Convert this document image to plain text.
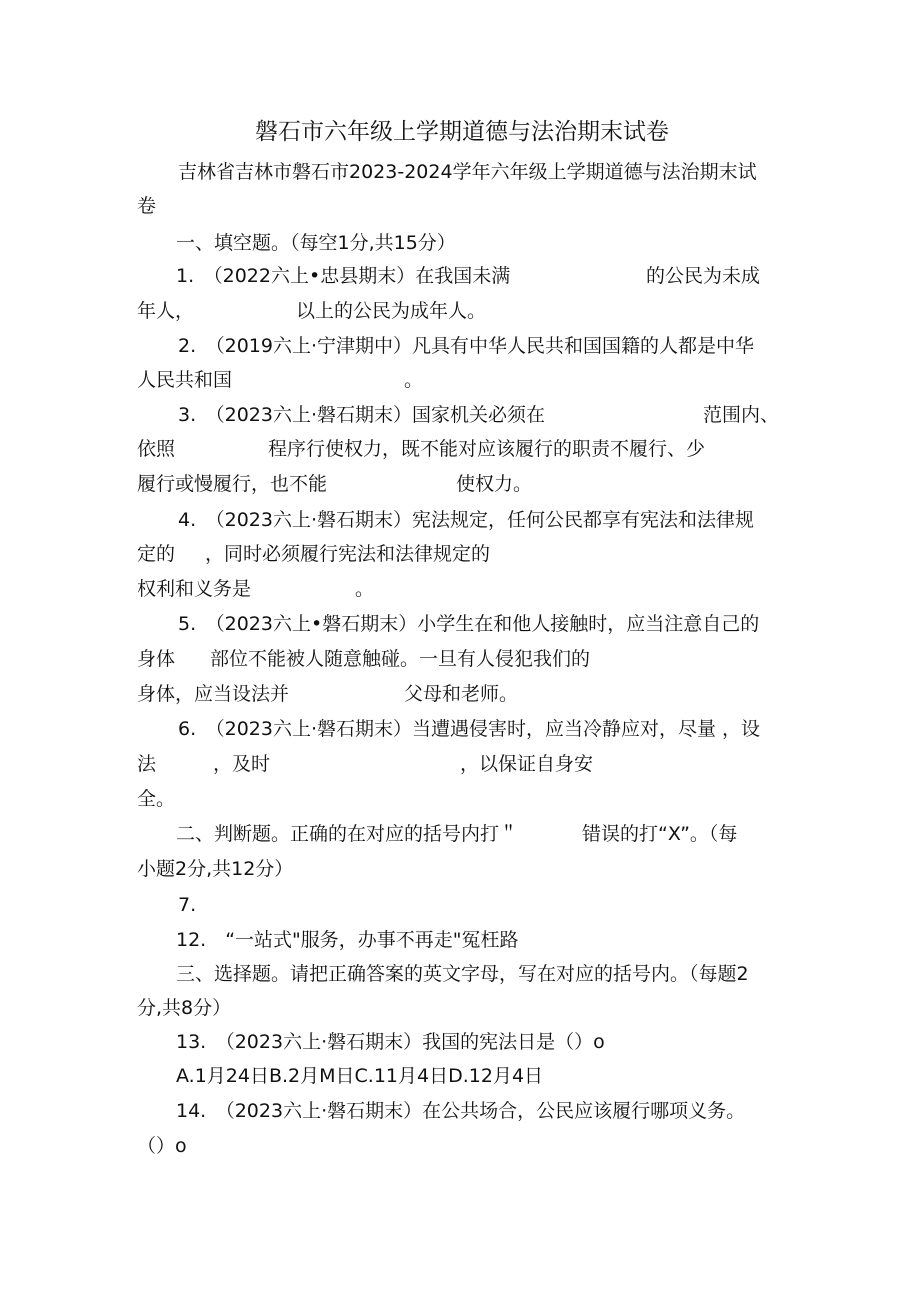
磐石市六年级上学期道德与法治期末试卷
吉林省吉林市磐石市2023-2024学年六年级上学期道德与法治期末试
卷
一、填空题。（每空1分,共15分）
1.　（2022六上•忠县期末）在我国未满	的公民为未成
年人，	以上的公民为成年人。
2.　（2019六上·宁津期中）凡具有中华人民共和国国籍的人都是中华
人民共和国	。
3.　（2023六上·磐石期末）国家机关必须在	范围内、
依照	程序行使权力，既不能对应该履行的职责不履行、少
履行或慢履行，也不能	使权力。
4.　（2023六上·磐石期末）宪法规定，任何公民都享有宪法和法律规
定的 ，同时必须履行宪法和法律规定的
权利和义务是	。
5.　（2023六上•磐石期末）小学生在和他人接触时，应当注意自己的
身体 部位不能被人随意触碰。一旦有人侵犯我们的
身体，应当设法并	父母和老师。
6.　（2023六上·磐石期末）当遭遇侵害时，应当冷静应对，尽量 ，设
法	，及时	，以保证自身安
全。
二、判断题。正确的在对应的括号内打＂	错误的打“X”。（每
小题2分,共12分）
7.
12.　“一站式"服务，办事不再走"冤枉路
三、选择题。请把正确答案的英文字母，写在对应的括号内。（每题2
分,共8分）
13.　（2023六上·磐石期末）我国的宪法日是（）o
A.1月24日B.2月M日C.11月4日D.12月4日
14.　（2023六上·磐石期末）在公共场合，公民应该履行哪项义务。
（）o
